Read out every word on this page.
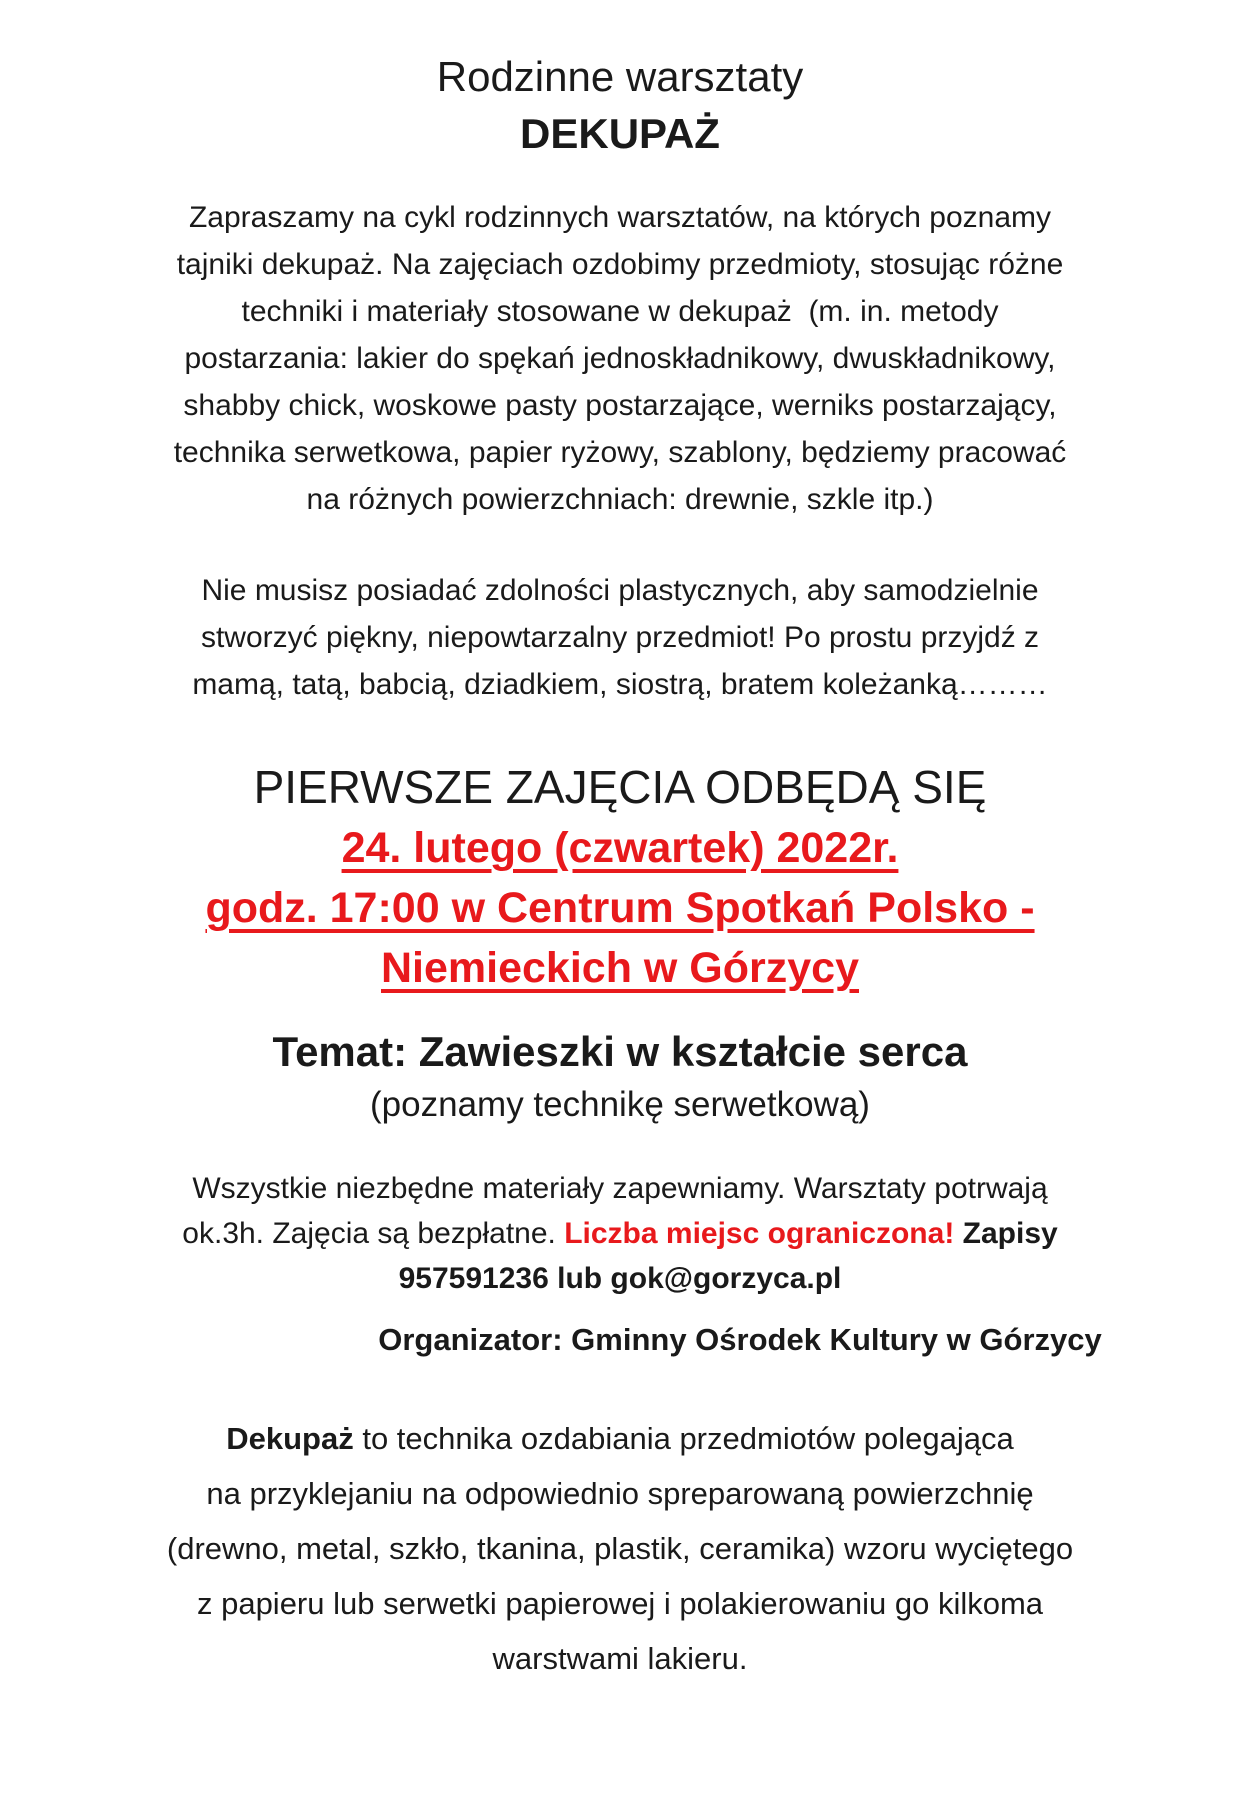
Rodzinne warsztaty
DEKUPAŻ
Zapraszamy na cykl rodzinnych warsztatów, na których poznamy
tajniki dekupaż. Na zajęciach ozdobimy przedmioty, stosując różne
techniki i materiały stosowane w dekupaż  (m. in. metody
postarzania: lakier do spękań jednoskładnikowy, dwuskładnikowy,
shabby chick, woskowe pasty postarzające, werniks postarzający,
technika serwetkowa, papier ryżowy, szablony, będziemy pracować
na różnych powierzchniach: drewnie, szkle itp.)
Nie musisz posiadać zdolności plastycznych, aby samodzielnie
stworzyć piękny, niepowtarzalny przedmiot! Po prostu przyjdź z
mamą, tatą, babcią, dziadkiem, siostrą, bratem koleżanką………
PIERWSZE ZAJĘCIA ODBĘDĄ SIĘ
24. lutego (czwartek) 2022r.
godz. 17:00 w Centrum Spotkań Polsko -
Niemieckich w Górzycy
Temat: Zawieszki w kształcie serca
(poznamy technikę serwetkową)
Wszystkie niezbędne materiały zapewniamy. Warsztaty potrwają
ok.3h. Zajęcia są bezpłatne. Liczba miejsc ograniczona! Zapisy
957591236 lub gok@gorzyca.pl
Organizator: Gminny Ośrodek Kultury w Górzycy
Dekupaż to technika ozdabiania przedmiotów polegająca
na przyklejaniu na odpowiednio spreparowaną powierzchnię
(drewno, metal, szkło, tkanina, plastik, ceramika) wzoru wyciętego
z papieru lub serwetki papierowej i polakierowaniu go kilkoma
warstwami lakieru.
